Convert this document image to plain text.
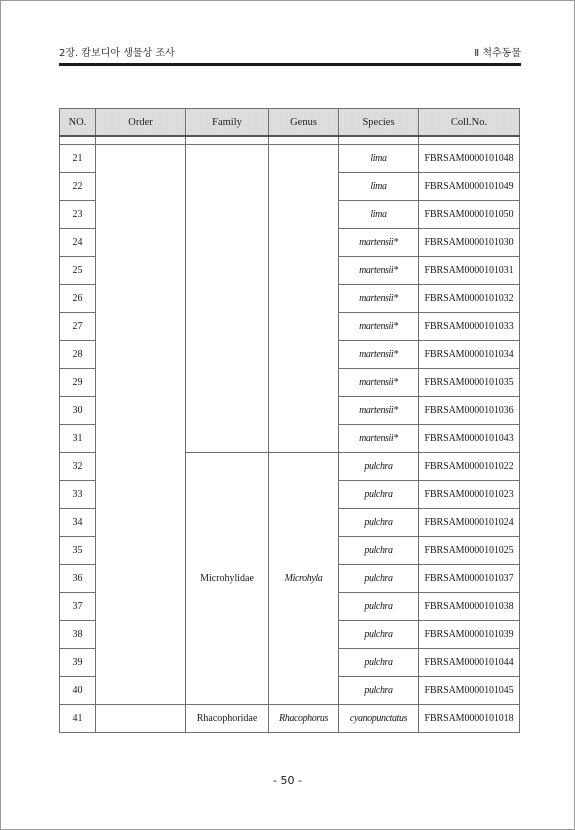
2장. 캄보디아 생물상 조사	Ⅱ 척추동물
NO.	Order	Family	Genus	Species	Coll.No.

21				lima	FBRSAM0000101048
22				lima	FBRSAM0000101049
23				lima	FBRSAM0000101050
24				martensii*	FBRSAM0000101030
25				martensii*	FBRSAM0000101031
26				martensii*	FBRSAM0000101032
27				martensii*	FBRSAM0000101033
28				martensii*	FBRSAM0000101034
29				martensii*	FBRSAM0000101035
30				martensii*	FBRSAM0000101036
31				martensii*	FBRSAM0000101043
32		Microhylidae	Microhyla	pulchra	FBRSAM0000101022
33				pulchra	FBRSAM0000101023
34				pulchra	FBRSAM0000101024
35				pulchra	FBRSAM0000101025
36				pulchra	FBRSAM0000101037
37				pulchra	FBRSAM0000101038
38				pulchra	FBRSAM0000101039
39				pulchra	FBRSAM0000101044
40				pulchra	FBRSAM0000101045
41		Rhacophoridae	Rhacophorus	cyanopunctatus	FBRSAM0000101018
- 50 -
